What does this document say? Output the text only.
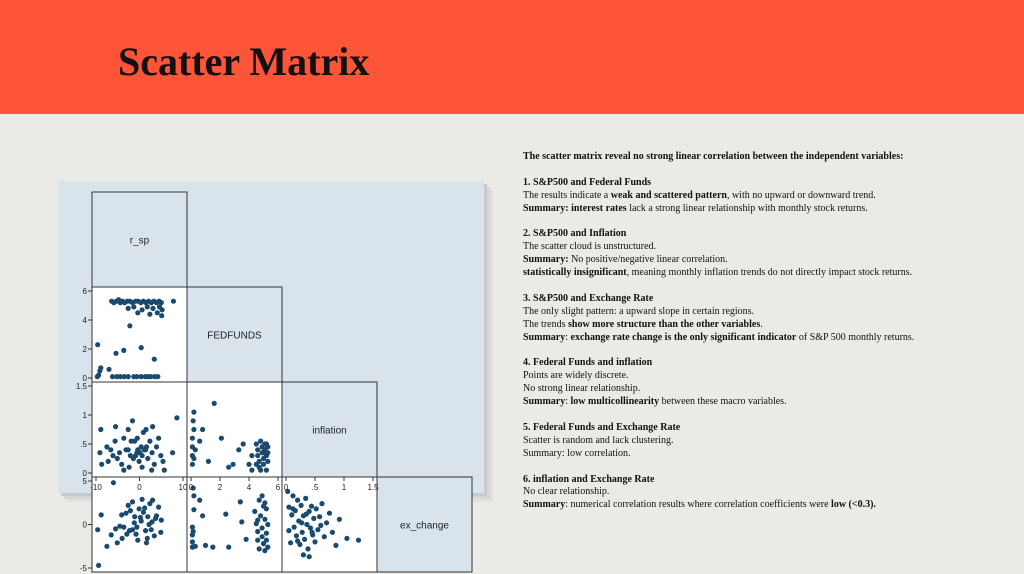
Scatter Matrix
r_sp
FEDFUNDS
inflation
ex_change
-10	0	10 0	2	4	6 0	.5	1	1.5
0
2
4
6
0
.5
1
1.5
-5
0
5

The scatter matrix reveal no strong linear correlation between the independent variables:

1. S&P500 and Federal Funds

The results indicate a weak and scattered pattern, with no upward or downward trend.

Summary: interest rates lack a strong linear relationship with monthly stock returns.

2. S&P500 and Inflation

The scatter cloud is unstructured.

Summary: No positive/negative linear correlation.

statistically insignificant, meaning monthly inflation trends do not directly impact stock returns.

3. S&P500 and Exchange Rate

The only slight pattern: a upward slope in certain regions.

The trends show more structure than the other variables.

Summary: exchange rate change is the only significant indicator of S&P 500 monthly returns.

4. Federal Funds and inflation

Points are widely discrete.

No strong linear relationship.

Summary: low multicollinearity between these macro variables.

5. Federal Funds and Exchange Rate

Scatter is random and lack clustering.

Summary: low correlation.

6. inflation and Exchange Rate

No clear relationship.

Summary: numerical correlation results where correlation coefficients were low (<0.3).
